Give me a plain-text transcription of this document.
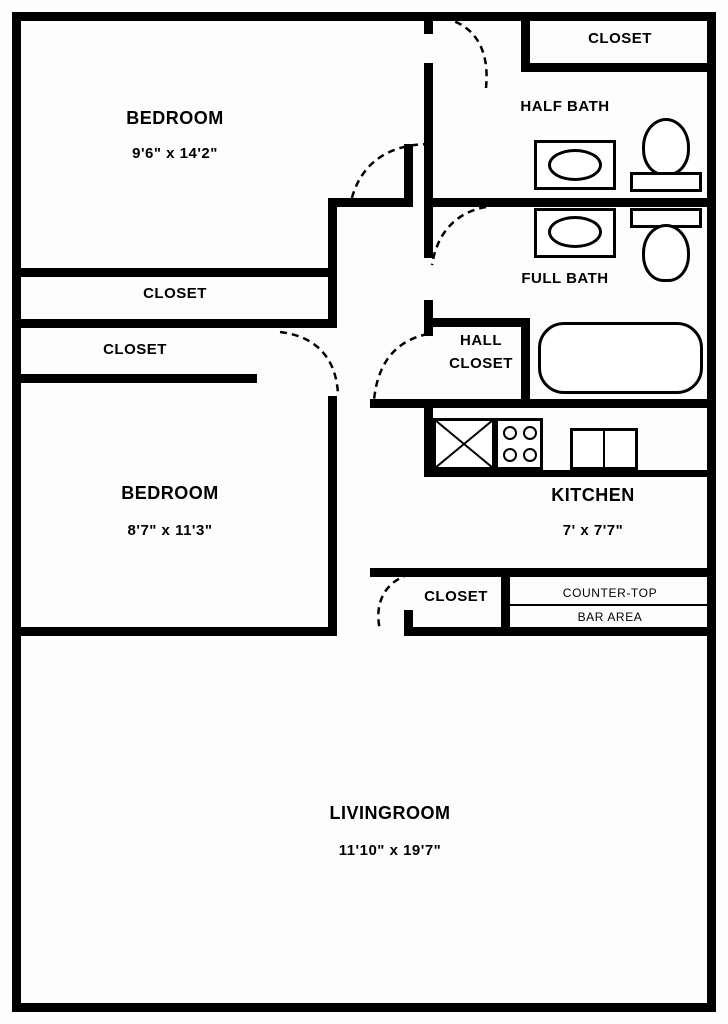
CLOSET
HALF BATH
FULL BATH
CLOSET
CLOSET
HALL
CLOSET
KITCHEN
7' x 7'7"
CLOSET	COUNTER-TOP
BAR AREA
BEDROOM
9'6" x 14'2"
BEDROOM
8'7" x 11'3"
LIVINGROOM
11'10" x 19'7"
